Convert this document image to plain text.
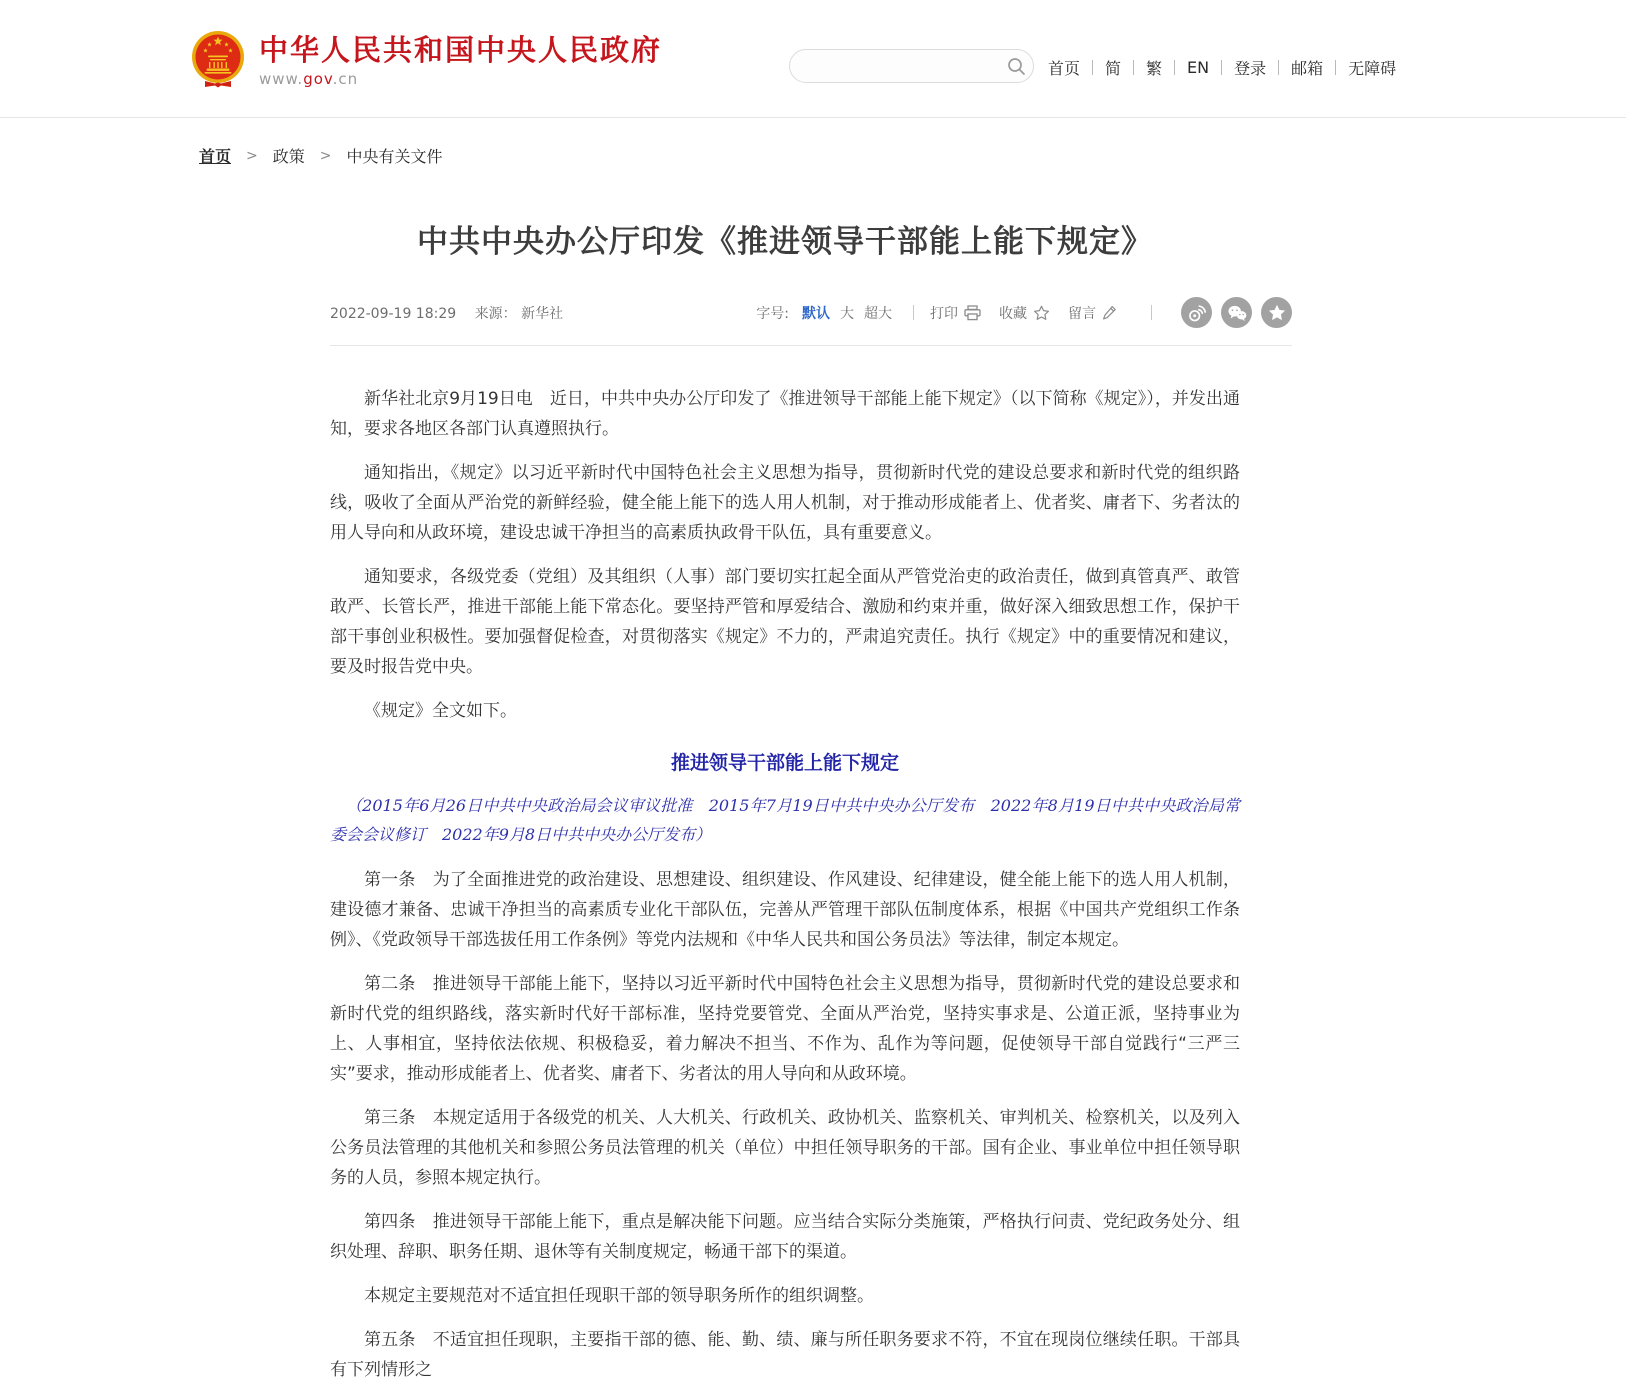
中华人民共和国中央人民政府
www.gov.cn
首页 简 繁 EN 登录 邮箱 无障碍
首页 > 政策 > 中央有关文件
中共中央办公厅印发《推进领导干部能上能下规定》
2022-09-19 18:29 来源： 新华社	字号: 默认 大 超大	打印	收藏	留言

新华社北京9月19日电　近日，中共中央办公厅印发了《推进领导干部能上能下规定》（以下简称《规定》），并发出通知，要求各地区各部门认真遵照执行。

通知指出，《规定》以习近平新时代中国特色社会主义思想为指导，贯彻新时代党的建设总要求和新时代党的组织路线，吸收了全面从严治党的新鲜经验，健全能上能下的选人用人机制，对于推动形成能者上、优者奖、庸者下、劣者汰的用人导向和从政环境，建设忠诚干净担当的高素质执政骨干队伍，具有重要意义。

通知要求，各级党委（党组）及其组织（人事）部门要切实扛起全面从严管党治吏的政治责任，做到真管真严、敢管敢严、长管长严，推进干部能上能下常态化。要坚持严管和厚爱结合、激励和约束并重，做好深入细致思想工作，保护干部干事创业积极性。要加强督促检查，对贯彻落实《规定》不力的，严肃追究责任。执行《规定》中的重要情况和建议，要及时报告党中央。

《规定》全文如下。

推进领导干部能上能下规定

（2015年6月26日中共中央政治局会议审议批准　2015年7月19日中共中央办公厅发布　2022年8月19日中共中央政治局常委会会议修订　2022年9月8日中共中央办公厅发布）

第一条　为了全面推进党的政治建设、思想建设、组织建设、作风建设、纪律建设，健全能上能下的选人用人机制，建设德才兼备、忠诚干净担当的高素质专业化干部队伍，完善从严管理干部队伍制度体系，根据《中国共产党组织工作条例》、《党政领导干部选拔任用工作条例》等党内法规和《中华人民共和国公务员法》等法律，制定本规定。

第二条　推进领导干部能上能下，坚持以习近平新时代中国特色社会主义思想为指导，贯彻新时代党的建设总要求和新时代党的组织路线，落实新时代好干部标准，坚持党要管党、全面从严治党，坚持实事求是、公道正派，坚持事业为上、人事相宜，坚持依法依规、积极稳妥，着力解决不担当、不作为、乱作为等问题，促使领导干部自觉践行“三严三实”要求，推动形成能者上、优者奖、庸者下、劣者汰的用人导向和从政环境。

第三条　本规定适用于各级党的机关、人大机关、行政机关、政协机关、监察机关、审判机关、检察机关，以及列入公务员法管理的其他机关和参照公务员法管理的机关（单位）中担任领导职务的干部。国有企业、事业单位中担任领导职务的人员，参照本规定执行。

第四条　推进领导干部能上能下，重点是解决能下问题。应当结合实际分类施策，严格执行问责、党纪政务处分、组织处理、辞职、职务任期、退休等有关制度规定，畅通干部下的渠道。

本规定主要规范对不适宜担任现职干部的领导职务所作的组织调整。

第五条　不适宜担任现职，主要指干部的德、能、勤、绩、廉与所任职务要求不符，不宜在现岗位继续任职。干部具有下列情形之
